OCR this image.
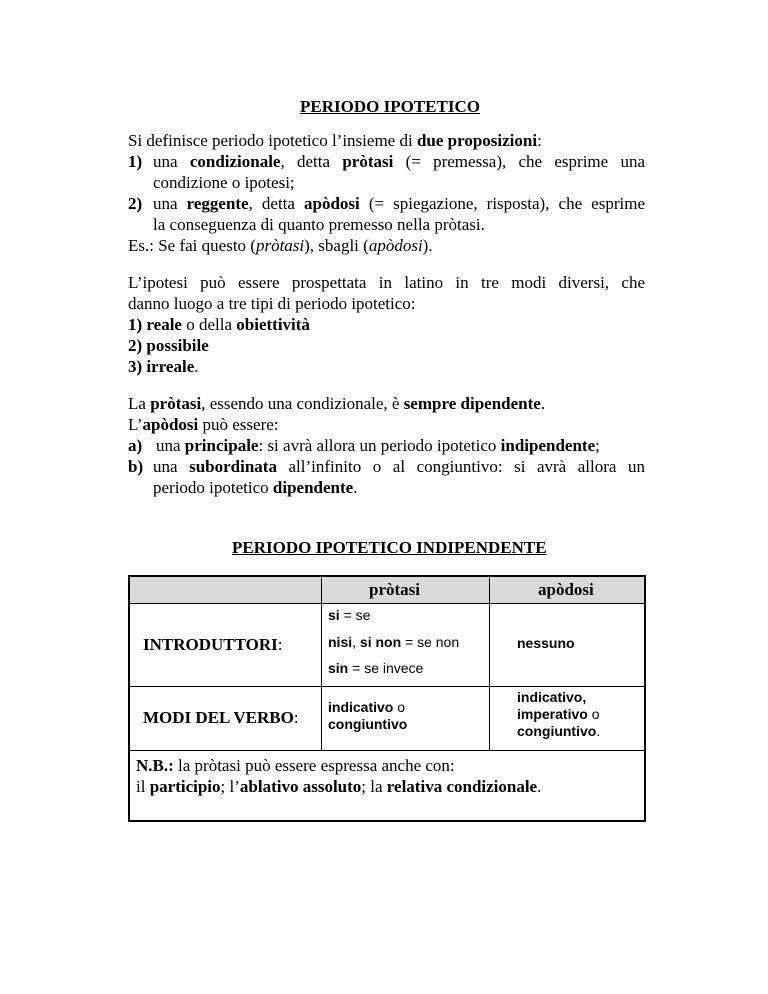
PERIODO IPOTETICO
Si definisce periodo ipotetico l’insieme di due proposizioni:
1) una condizionale, detta pròtasi (= premessa), che esprime una
condizione o ipotesi;
2) una reggente, detta apòdosi (= spiegazione, risposta), che esprime
la conseguenza di quanto premesso nella pròtasi.
Es.: Se fai questo (pròtasi), sbagli (apòdosi).
L’ipotesi può essere prospettata in latino in tre modi diversi, che
danno luogo a tre tipi di periodo ipotetico:
1) reale o della obiettività
2) possibile
3) irreale.
La pròtasi, essendo una condizionale, è sempre dipendente.
L’apòdosi può essere:
a) una principale: si avrà allora un periodo ipotetico indipendente;
b) una subordinata all’infinito o al congiuntivo: si avrà allora un
periodo ipotetico dipendente.
PERIODO IPOTETICO INDIPENDENTE
pròtasi	apòdosi
INTRODUTTORI:
si = se
nisi, si non = se non
sin = se invece
nessuno
MODI DEL VERBO:
indicativo o
congiuntivo
indicativo,
imperativo o
congiuntivo.
N.B.: la pròtasi può essere espressa anche con:
il participio; l’ablativo assoluto; la relativa condizionale.
